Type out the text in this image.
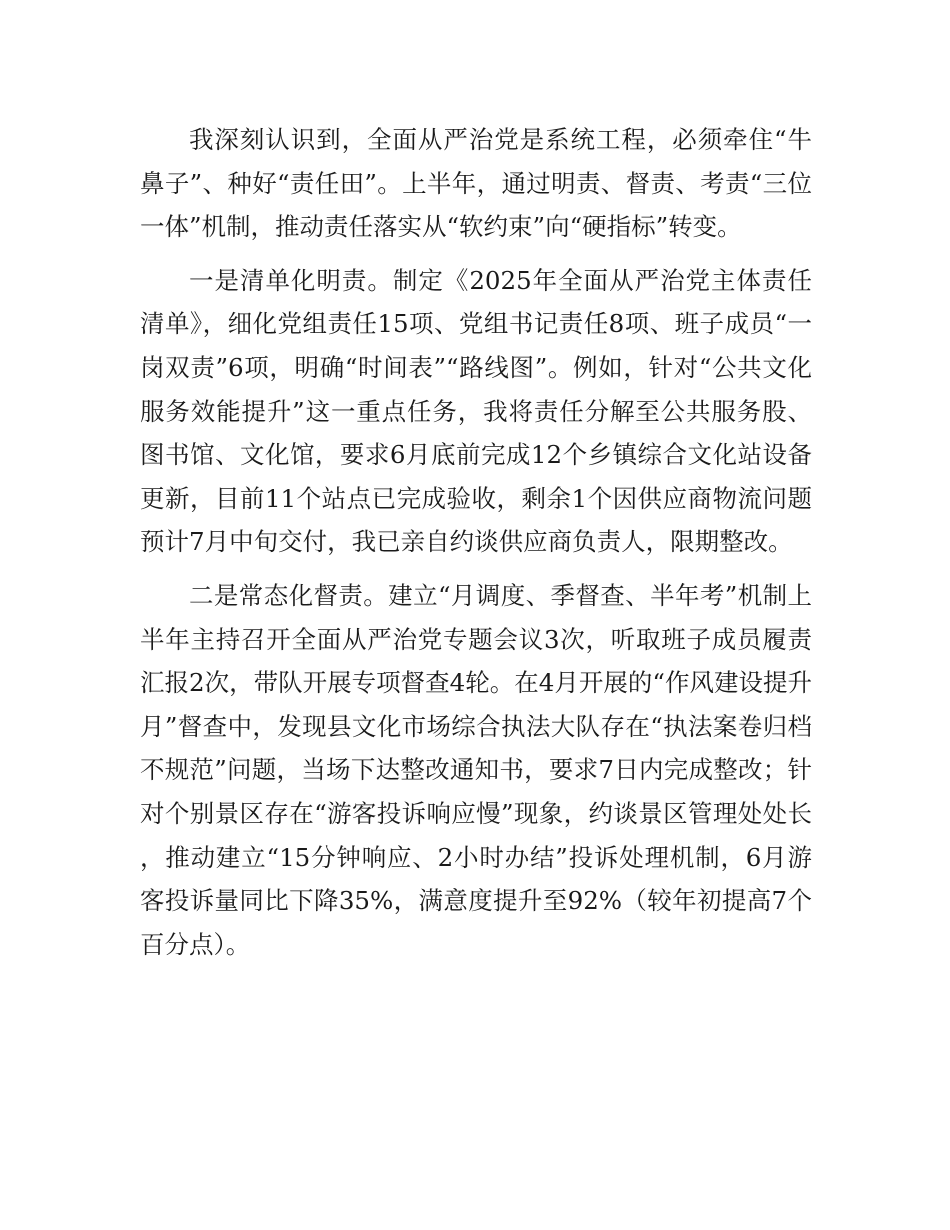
我深刻认识到，全面从严治党是系统工程，必须牵住“牛鼻子”、种好“责任田”。上半年，通过明责、督责、考责“三位一体”机制，推动责任落实从“软约束”向“硬指标”转变。

一是清单化明责。制定《2025年全面从严治党主体责任清单》，细化党组责任15项、党组书记责任8项、班子成员“一岗双责”6项，明确“时间表”“路线图”。例如，针对“公共文化服务效能提升”这一重点任务，我将责任分解至公共服务股、图书馆、文化馆，要求6月底前完成12个乡镇综合文化站设备更新，目前11个站点已完成验收，剩余1个因供应商物流问题预计7月中旬交付，我已亲自约谈供应商负责人，限期整改。

二是常态化督责。建立“月调度、季督查、半年考”机制上半年主持召开全面从严治党专题会议3次，听取班子成员履责汇报2次，带队开展专项督查4轮。在4月开展的“作风建设提升月”督查中，发现县文化市场综合执法大队存在“执法案卷归档不规范”问题，当场下达整改通知书，要求7日内完成整改；针对个别景区存在“游客投诉响应慢”现象，约谈景区管理处处长，推动建立“15分钟响应、2小时办结”投诉处理机制，6月游客投诉量同比下降35%，满意度提升至92%（较年初提高7个百分点）。
